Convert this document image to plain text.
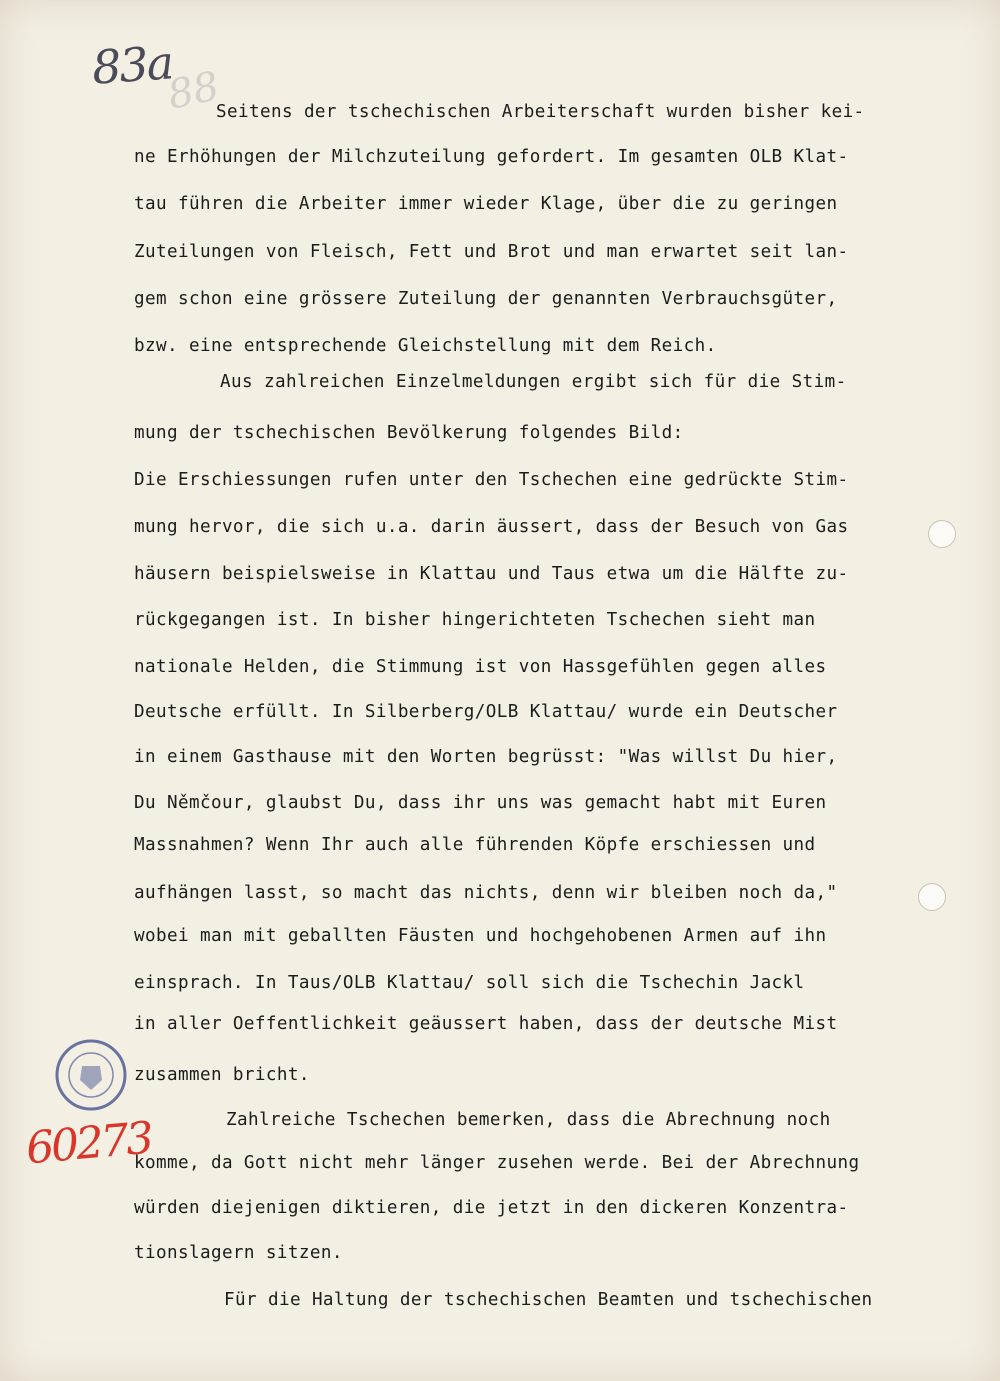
88
83a
Seitens der tschechischen Arbeiterschaft wurden bisher kei-
ne Erhöhungen der Milchzuteilung gefordert. Im gesamten OLB Klat-
tau führen die Arbeiter immer wieder Klage, über die zu geringen
Zuteilungen von Fleisch, Fett und Brot und man erwartet seit lan-
gem schon eine grössere Zuteilung der genannten Verbrauchsgüter,
bzw. eine entsprechende Gleichstellung mit dem Reich.
Aus zahlreichen Einzelmeldungen ergibt sich für die Stim-
mung der tschechischen Bevölkerung folgendes Bild:
Die Erschiessungen rufen unter den Tschechen eine gedrückte Stim-
mung hervor, die sich u.a. darin äussert, dass der Besuch von Gas
häusern beispielsweise in Klattau und Taus etwa um die Hälfte zu-
rückgegangen ist. In bisher hingerichteten Tschechen sieht man
nationale Helden, die Stimmung ist von Hassgefühlen gegen alles
Deutsche erfüllt. In Silberberg/OLB Klattau/ wurde ein Deutscher
in einem Gasthause mit den Worten begrüsst: "Was willst Du hier,
Du Němčour, glaubst Du, dass ihr uns was gemacht habt mit Euren
Massnahmen? Wenn Ihr auch alle führenden Köpfe erschiessen und
aufhängen lasst, so macht das nichts, denn wir bleiben noch da,"
wobei man mit geballten Fäusten und hochgehobenen Armen auf ihn
einsprach. In Taus/OLB Klattau/ soll sich die Tschechin Jackl
in aller Oeffentlichkeit geäussert haben, dass der deutsche Mist
zusammen bricht.
Zahlreiche Tschechen bemerken, dass die Abrechnung noch
komme, da Gott nicht mehr länger zusehen werde. Bei der Abrechnung
würden diejenigen diktieren, die jetzt in den dickeren Konzentra-
tionslagern sitzen.
Für die Haltung der tschechischen Beamten und tschechischen
60273
